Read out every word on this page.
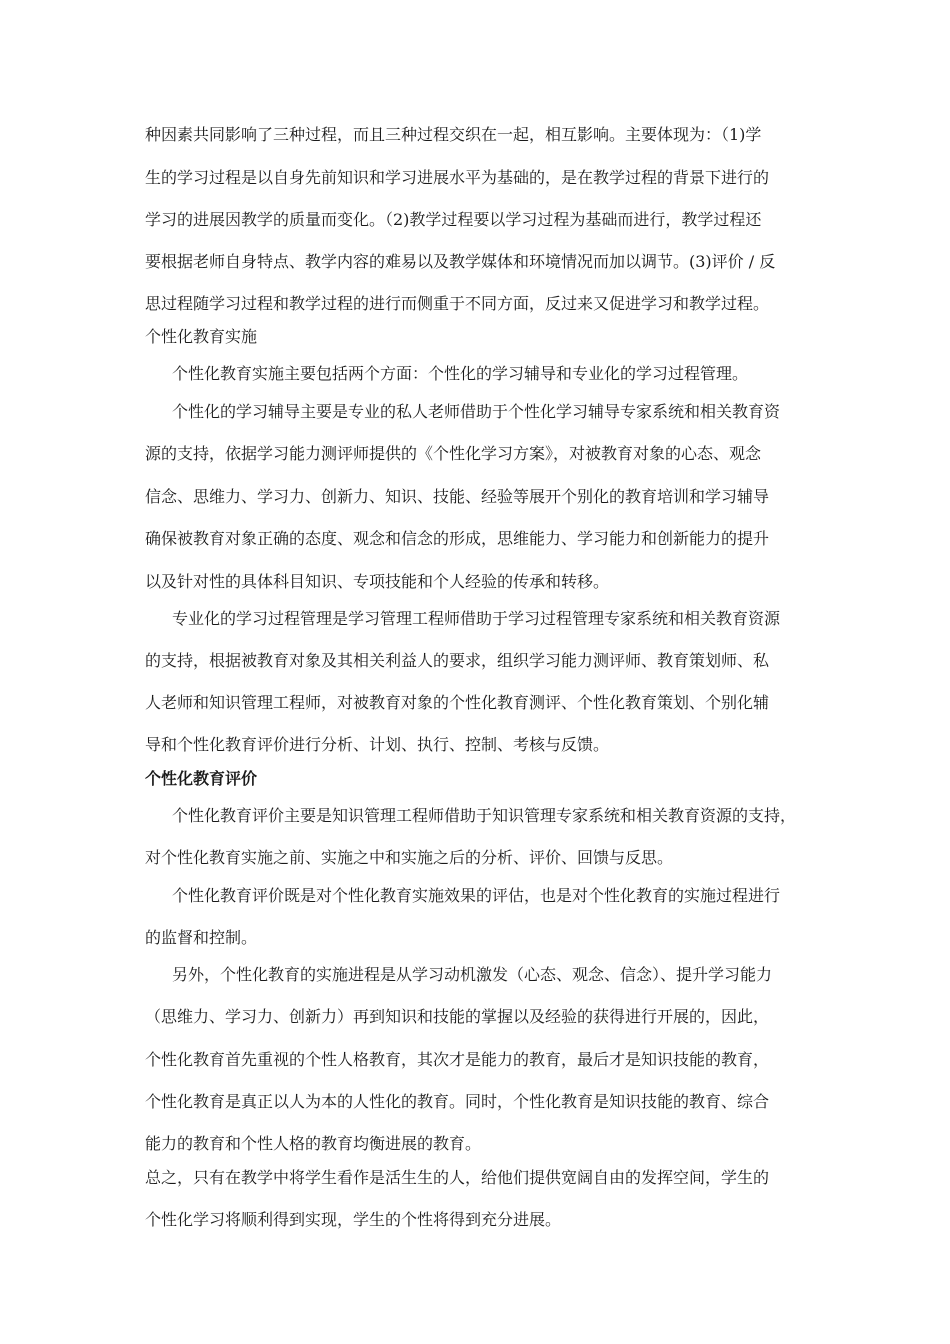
种因素共同影响了三种过程，而且三种过程交织在一起，相互影响。主要体现为：（1)学

生的学习过程是以自身先前知识和学习进展水平为基础的，是在教学过程的背景下进行的

学习的进展因教学的质量而变化。（2)教学过程要以学习过程为基础而进行，教学过程还

要根据老师自身特点、教学内容的难易以及教学媒体和环境情况而加以调节。(3)评价 / 反

思过程随学习过程和教学过程的进行而侧重于不同方面，反过来又促进学习和教学过程。

个性化教育实施

个性化教育实施主要包括两个方面：个性化的学习辅导和专业化的学习过程管理。

个性化的学习辅导主要是专业的私人老师借助于个性化学习辅导专家系统和相关教育资

源的支持，依据学习能力测评师提供的《个性化学习方案》，对被教育对象的心态、观念

信念、思维力、学习力、创新力、知识、技能、经验等展开个别化的教育培训和学习辅导

确保被教育对象正确的态度、观念和信念的形成，思维能力、学习能力和创新能力的提升

以及针对性的具体科目知识、专项技能和个人经验的传承和转移。

专业化的学习过程管理是学习管理工程师借助于学习过程管理专家系统和相关教育资源

的支持，根据被教育对象及其相关利益人的要求，组织学习能力测评师、教育策划师、私

人老师和知识管理工程师，对被教育对象的个性化教育测评、个性化教育策划、个别化辅

导和个性化教育评价进行分析、计划、执行、控制、考核与反馈。

个性化教育评价

个性化教育评价主要是知识管理工程师借助于知识管理专家系统和相关教育资源的支持，

对个性化教育实施之前、实施之中和实施之后的分析、评价、回馈与反思。

个性化教育评价既是对个性化教育实施效果的评估，也是对个性化教育的实施过程进行

的监督和控制。

另外，个性化教育的实施进程是从学习动机激发（心态、观念、信念）、提升学习能力

（思维力、学习力、创新力）再到知识和技能的掌握以及经验的获得进行开展的，因此，

个性化教育首先重视的个性人格教育，其次才是能力的教育，最后才是知识技能的教育，

个性化教育是真正以人为本的人性化的教育。同时，个性化教育是知识技能的教育、综合

能力的教育和个性人格的教育均衡进展的教育。

总之，只有在教学中将学生看作是活生生的人，给他们提供宽阔自由的发挥空间，学生的

个性化学习将顺利得到实现，学生的个性将得到充分进展。
